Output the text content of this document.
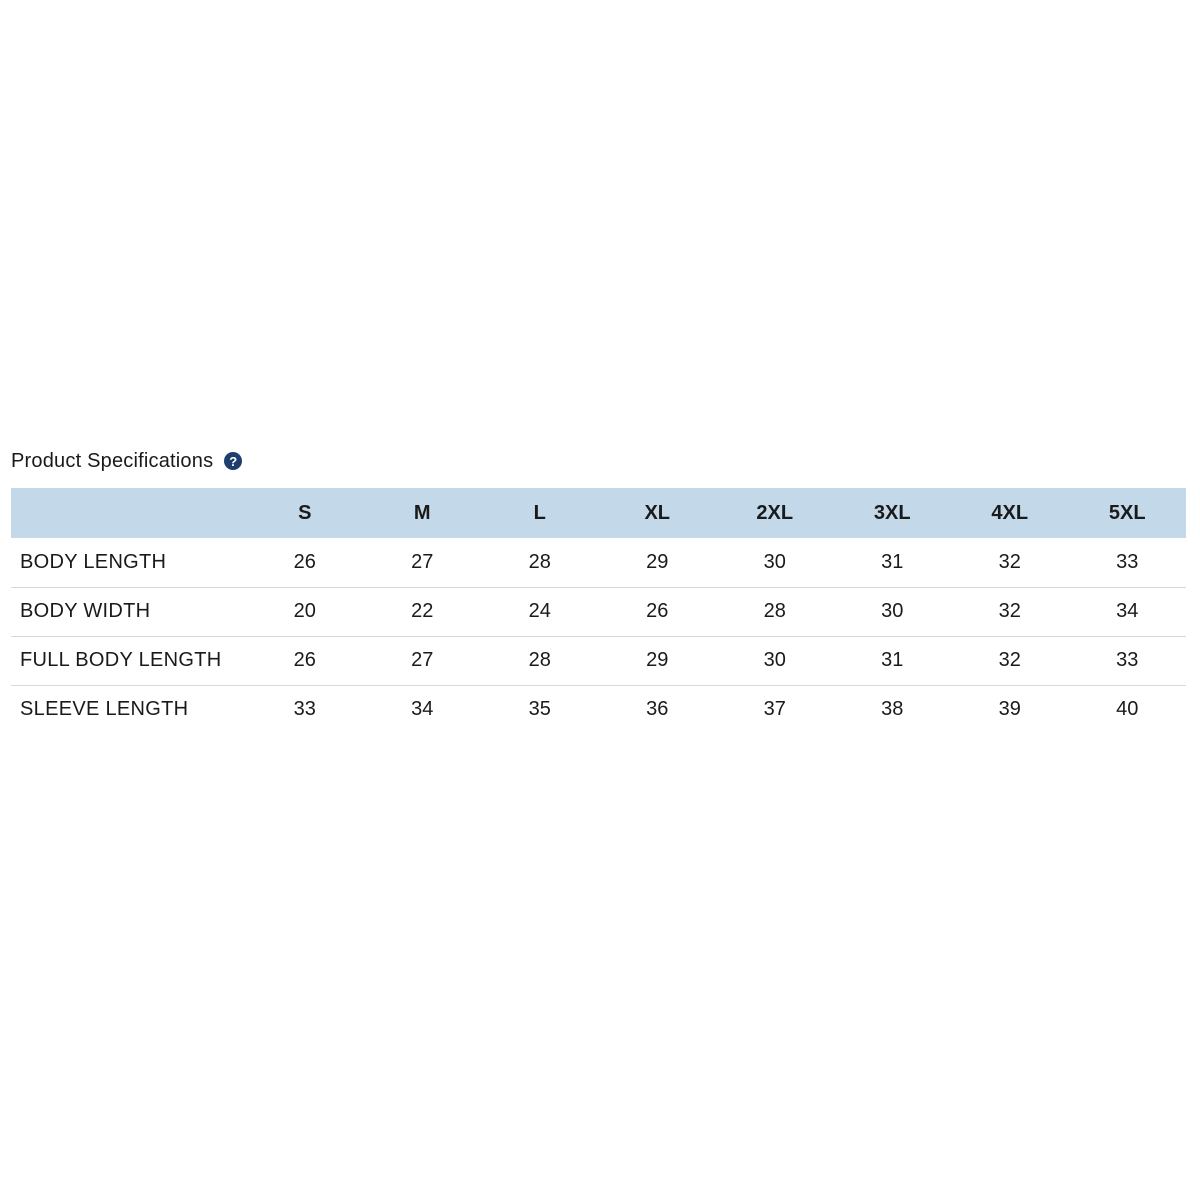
Product Specifications	?
	S	M	L	XL	2XL	3XL	4XL	5XL
BODY LENGTH	26	27	28	29	30	31	32	33
BODY WIDTH	20	22	24	26	28	30	32	34
FULL BODY LENGTH	26	27	28	29	30	31	32	33
SLEEVE LENGTH	33	34	35	36	37	38	39	40
